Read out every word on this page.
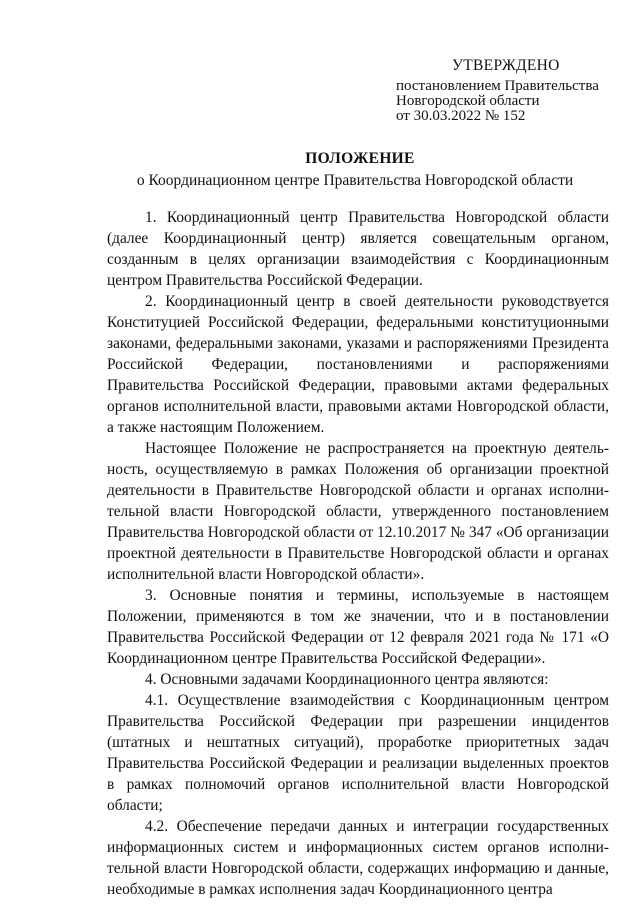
УТВЕРЖДЕНО
постановлением Правительства
Новгородской области
от 30.03.2022 № 152
ПОЛОЖЕНИЕ
о Координационном центре Правительства Новгородской области

1. Координационный центр Правительства Новгородской области (далее Координационный центр) является совещательным органом, созданным в целях организации взаимодействия с Координационным центром Правительства Российской Федерации.

2. Координационный центр в своей деятельности руководствуется Конституцией Российской Федерации, федеральными конституционными законами, федеральными законами, указами и распоряжениями Президента Российской Федерации, постановлениями и распоряжениями Правительства Российской Федерации, правовыми актами федеральных органов исполнительной власти, правовыми актами Новгородской области, а также настоящим Положением.

Настоящее Положение не распространяется на проектную деятельность, осуществляемую в рамках Положения об организации проектной деятельности в Правительстве Новгородской области и органах исполнительной власти Новгородской области, утвержденного постановлением Правительства Новгородской области от 12.10.2017 № 347 «Об организации проектной деятельности в Правительстве Новгородской области и органах исполнительной власти Новгородской области».

3. Основные понятия и термины, используемые в настоящем Положении, применяются в том же значении, что и в постановлении Правительства Российской Федерации от 12 февраля 2021 года № 171 «О Координационном центре Правительства Российской Федерации».

4. Основными задачами Координационного центра являются:

4.1. Осуществление взаимодействия с Координационным центром Правительства Российской Федерации при разрешении инцидентов (штатных и нештатных ситуаций), проработке приоритетных задач Правительства Российской Федерации и реализации выделенных проектов в рамках полномочий органов исполнительной власти Новгородской области;

4.2. Обеспечение передачи данных и интеграции государственных информационных систем и информационных систем органов исполнительной власти Новгородской области, содержащих информацию и данные, необходимые в рамках исполнения задач Координационного центра
